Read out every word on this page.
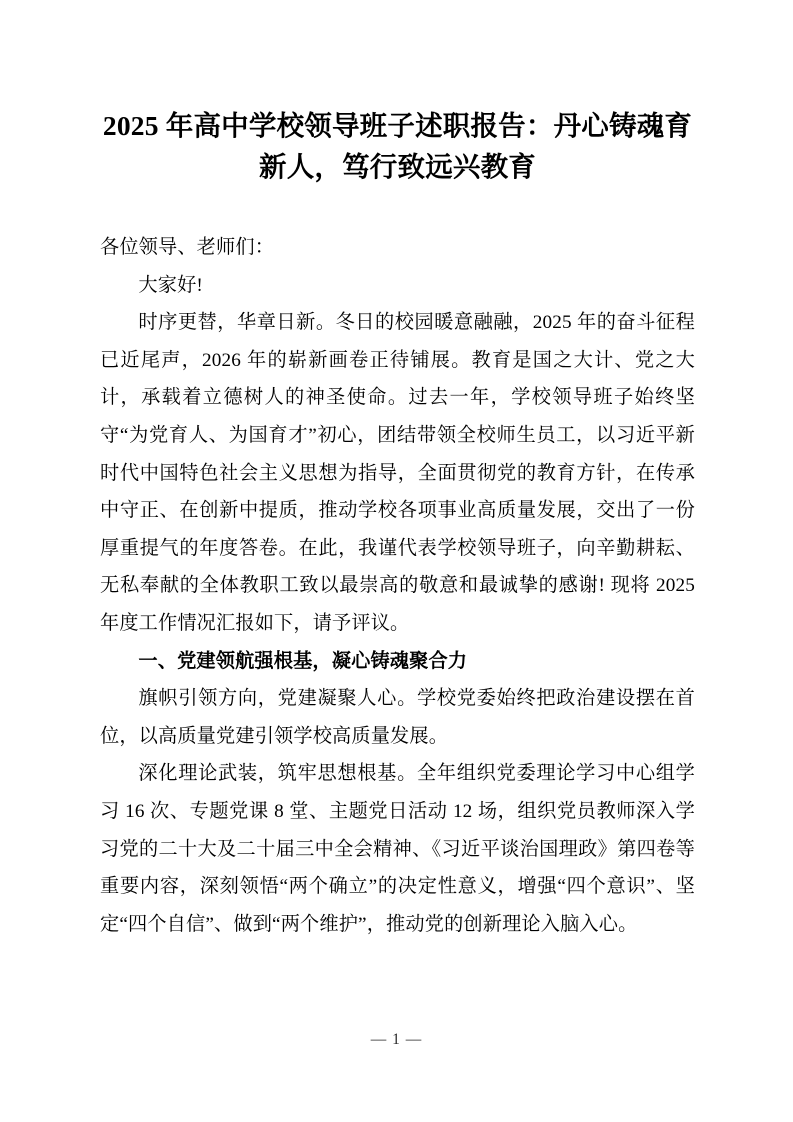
2025 年高中学校领导班子述职报告：丹心铸魂育新人，笃行致远兴教育

各位领导、老师们：

大家好!

时序更替，华章日新。冬日的校园暖意融融，2025 年的奋斗征程已近尾声，2026 年的崭新画卷正待铺展。教育是国之大计、党之大计，承载着立德树人的神圣使命。过去一年，学校领导班子始终坚守“为党育人、为国育才”初心，团结带领全校师生员工，以习近平新时代中国特色社会主义思想为指导，全面贯彻党的教育方针，在传承中守正、在创新中提质，推动学校各项事业高质量发展，交出了一份厚重提气的年度答卷。在此，我谨代表学校领导班子，向辛勤耕耘、无私奉献的全体教职工致以最崇高的敬意和最诚挚的感谢! 现将 2025 年度工作情况汇报如下，请予评议。

一、党建领航强根基，凝心铸魂聚合力

旗帜引领方向，党建凝聚人心。学校党委始终把政治建设摆在首位，以高质量党建引领学校高质量发展。

深化理论武装，筑牢思想根基。全年组织党委理论学习中心组学习 16 次、专题党课 8 堂、主题党日活动 12 场，组织党员教师深入学习党的二十大及二十届三中全会精神、《习近平谈治国理政》第四卷等重要内容，深刻领悟“两个确立”的决定性意义，增强“四个意识”、坚定“四个自信”、做到“两个维护”，推动党的创新理论入脑入心。

— 1 —
